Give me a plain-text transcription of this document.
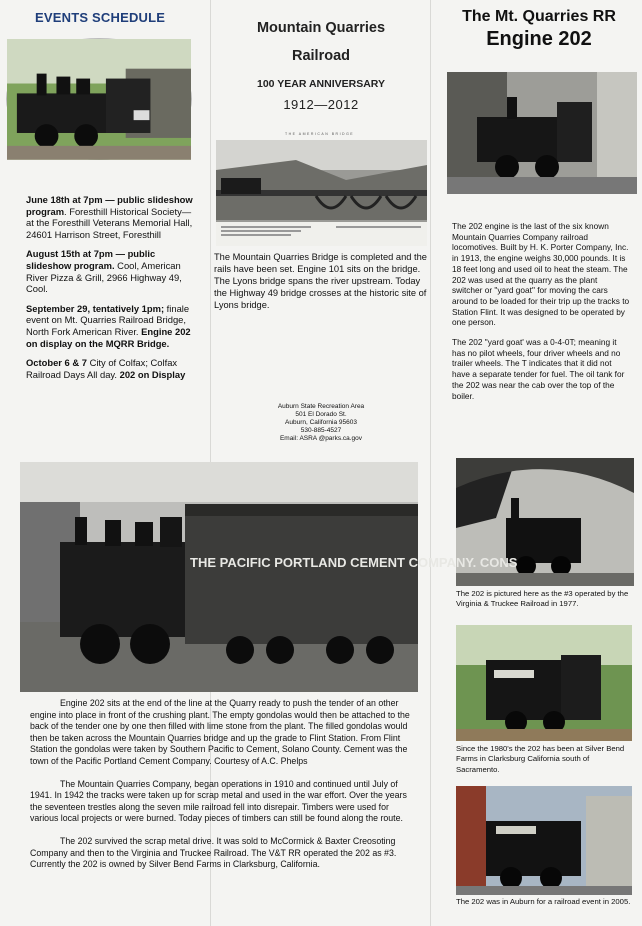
EVENTS SCHEDULE

June 18th at 7pm — public slideshow program. Foresthill Historical Society—at the Foresthill Veterans Memorial Hall, 24601 Harrison Street, Foresthill

August 15th at 7pm — public slideshow program. Cool, American River Pizza & Grill, 2966 Highway 49, Cool.

September 29, tentatively 1pm; finale event on Mt. Quarries Railroad Bridge, North Fork American River. Engine 202 on display on the MQRR Bridge.

October 6 & 7 City of Colfax; Colfax Railroad Days All day. 202 on Display

Mountain Quarries
Railroad
100 YEAR ANNIVERSARY
1912—2012
THE AMERICAN BRIDGE
The Mountain Quarries Bridge is completed and the rails have been set. Engine 101 sits on the bridge. The Lyons bridge spans the river upstream. Today the Highway 49 bridge crosses at the historic site of Lyons bridge.
Auburn State Recreation Area
501 El Dorado St.
Auburn, California 95603
530-885-4527
Email: ASRA @parks.ca.gov
The Mt. Quarries RR
Engine 202

The 202 engine is the last of the six known Mountain Quarries Company railroad locomotives. Built by H. K. Porter Company, Inc. in 1913, the engine weighs 30,000 pounds. It is 18 feet long and used oil to heat the steam. The 202 was used at the quarry as the plant switcher or "yard goat" for moving the cars around to be loaded for their trip up the tracks to Station Flint. It was designed to be operated by one person.

The 202 "yard goat' was a 0-4-0T; meaning it has no pilot wheels, four driver wheels and no trailer wheels. The T indicates that it did not have a separate tender for fuel. The oil tank for the 202 was near the cab over the top of the boiler.

The 202 is pictured here as the #3 operated by the Virginia & Truckee Railroad in 1977.
Since the 1980's the 202 has been at Silver Bend Farms in Clarksburg California south of Sacramento.
The 202 was in Auburn for a railroad event in 2005.
THE PACIFIC PORTLAND CEMENT COMPANY. CONS

Engine 202 sits at the end of the line at the Quarry ready to push the tender of an other engine into place in front of the crushing plant. The empty gondolas would then be attached to the back of the tender one by one then filled with lime stone from the plant. The filled gondolas would then be taken across the Mountain Quarries bridge and up the grade to Flint Station. From Flint Station the gondolas were taken by Southern Pacific to Cement, Solano County. Cement was the town of the Pacific Portland Cement Company. Courtesy of A.C. Phelps

The Mountain Quarries Company, began operations in 1910 and continued until July of 1941. In 1942 the tracks were taken up for scrap metal and used in the war effort. Over the years the seventeen trestles along the seven mile railroad fell into disrepair. Timbers were used for various local projects or were burned. Today pieces of timbers can still be found along the route.

The 202 survived the scrap metal drive. It was sold to McCormick & Baxter Creosoting Company and then to the Virginia and Truckee Railroad. The V&T RR operated the 202 as #3. Currently the 202 is owned by Silver Bend Farms in Clarksburg, California.
